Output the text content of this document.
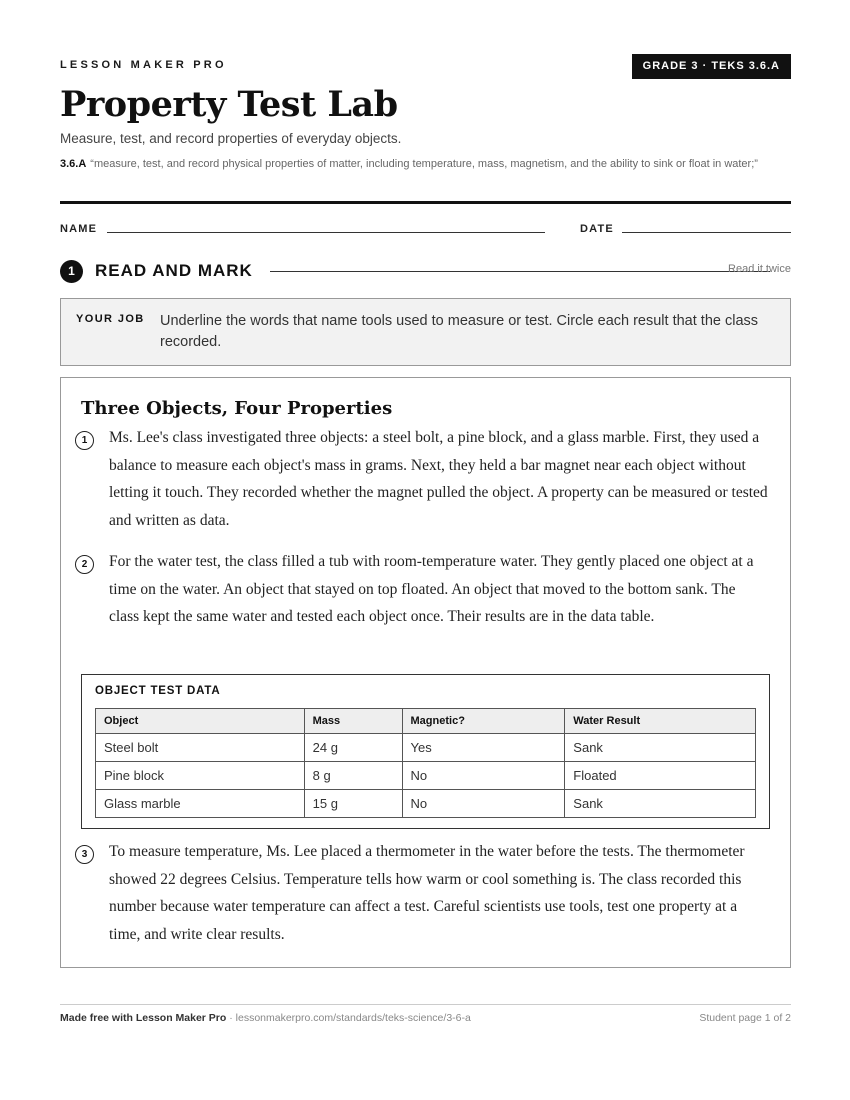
LESSON MAKER PRO	GRADE 3 · TEKS 3.6.A
Property Test Lab
Measure, test, and record properties of everyday objects.
3.6.A “measure, test, and record physical properties of matter, including temperature, mass, magnetism, and the ability to sink or float in water;”
NAME	DATE
1	READ AND MARK	Read it twice
YOUR JOB Underline the words that name tools used to measure or test. Circle each result that the class recorded.
Three Objects, Four Properties
1	Ms. Lee's class investigated three objects: a steel bolt, a pine block, and a glass marble. First, they used a balance to measure each object's mass in grams. Next, they held a bar magnet near each object without letting it touch. They recorded whether the magnet pulled the object. A property can be measured or tested and written as data.

2	For the water test, the class filled a tub with room-temperature water. They gently placed one object at a time on the water. An object that stayed on top floated. An object that moved to the bottom sank. The class kept the same water and tested each object once. Their results are in the data table.

OBJECT TEST DATA
Object	Mass	Magnetic?	Water Result
Steel bolt	24 g	Yes	Sank
Pine block	8 g	No	Floated
Glass marble	15 g	No	Sank
3	To measure temperature, Ms. Lee placed a thermometer in the water before the tests. The thermometer showed 22 degrees Celsius. Temperature tells how warm or cool something is. The class recorded this number because water temperature can affect a test. Careful scientists use tools, test one property at a time, and write clear results.

Made free with Lesson Maker Pro · lessonmakerpro.com/standards/teks-science/3-6-a	Student page 1 of 2
